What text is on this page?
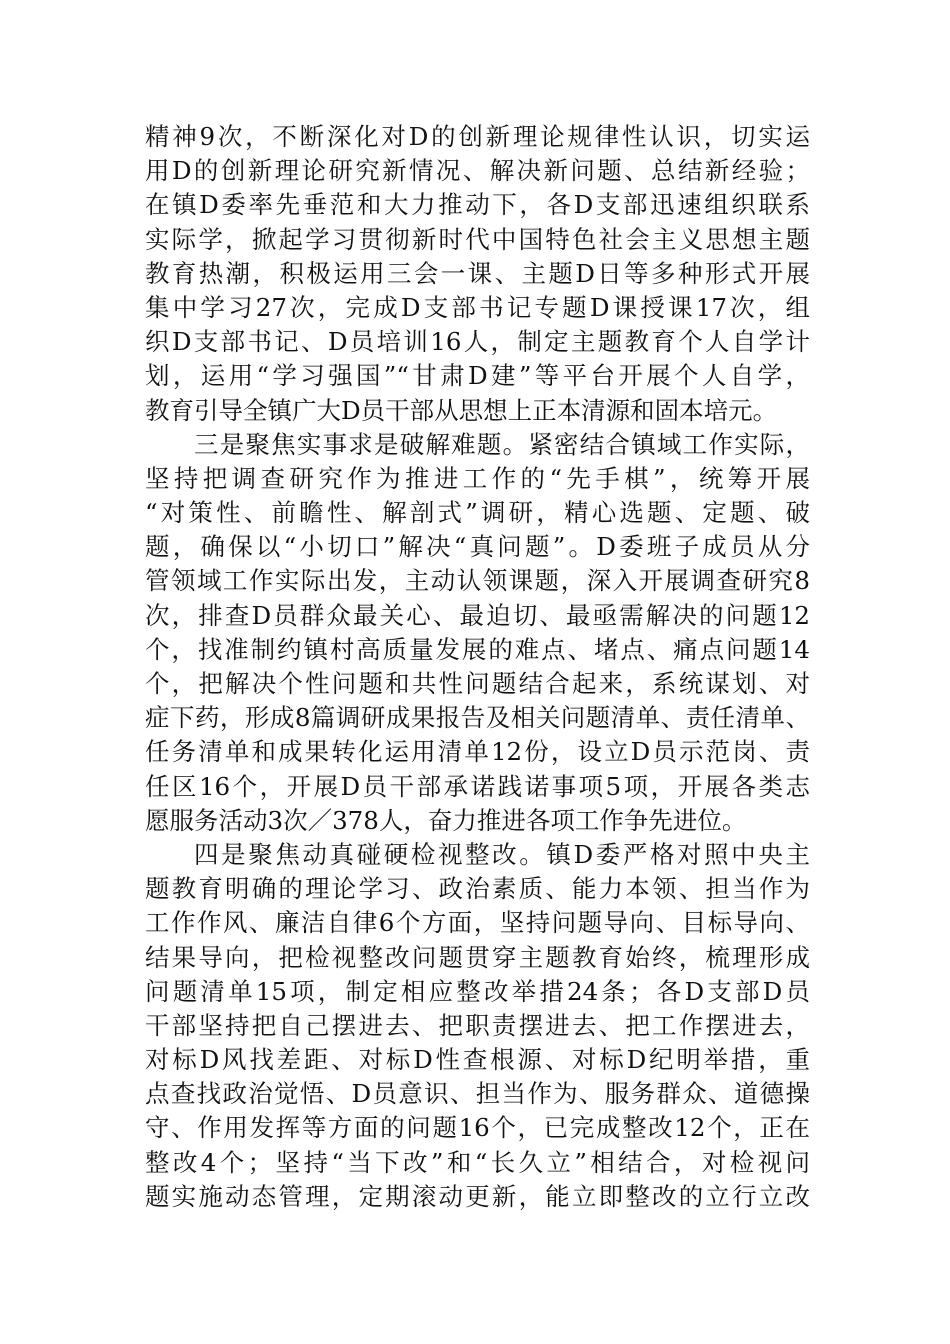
精神9次，不断深化对D的创新理论规律性认识，切实运
用D的创新理论研究新情况、解决新问题、总结新经验；
在镇D委率先垂范和大力推动下，各D支部迅速组织联系
实际学，掀起学习贯彻新时代中国特色社会主义思想主题
教育热潮，积极运用三会一课、主题D日等多种形式开展
集中学习27次，完成D支部书记专题D课授课17次，组
织D支部书记、D员培训16人，制定主题教育个人自学计
划，运用“学习强国”“甘肃D建”等平台开展个人自学，
教育引导全镇广大D员干部从思想上正本清源和固本培元。
三是聚焦实事求是破解难题。紧密结合镇域工作实际，
坚持把调查研究作为推进工作的“先手棋”，统筹开展
“对策性、前瞻性、解剖式”调研，精心选题、定题、破
题，确保以“小切口”解决“真问题”。D委班子成员从分
管领域工作实际出发，主动认领课题，深入开展调查研究8
次，排查D员群众最关心、最迫切、最亟需解决的问题12
个，找准制约镇村高质量发展的难点、堵点、痛点问题14
个，把解决个性问题和共性问题结合起来，系统谋划、对
症下药，形成8篇调研成果报告及相关问题清单、责任清单、
任务清单和成果转化运用清单12份，设立D员示范岗、责
任区16个，开展D员干部承诺践诺事项5项，开展各类志
愿服务活动3次／378人，奋力推进各项工作争先进位。
四是聚焦动真碰硬检视整改。镇D委严格对照中央主
题教育明确的理论学习、政治素质、能力本领、担当作为
工作作风、廉洁自律6个方面，坚持问题导向、目标导向、
结果导向，把检视整改问题贯穿主题教育始终，梳理形成
问题清单15项，制定相应整改举措24条；各D支部D员
干部坚持把自己摆进去、把职责摆进去、把工作摆进去，
对标D风找差距、对标D性查根源、对标D纪明举措，重
点查找政治觉悟、D员意识、担当作为、服务群众、道德操
守、作用发挥等方面的问题16个，已完成整改12个，正在
整改4个；坚持“当下改”和“长久立”相结合，对检视问
题实施动态管理，定期滚动更新，能立即整改的立行立改
